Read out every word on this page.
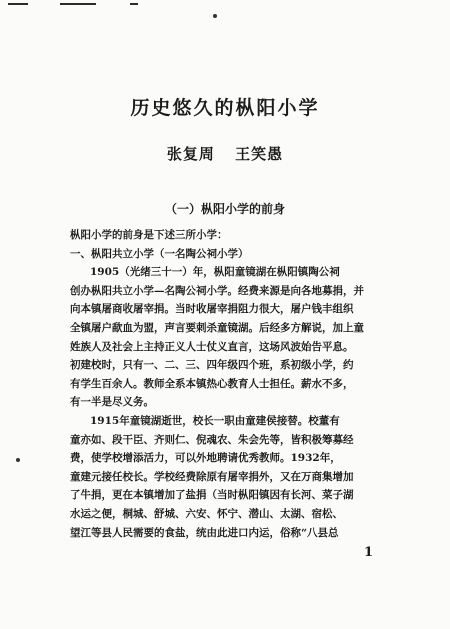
历史悠久的枞阳小学
张复周 王笑愚
（一）枞阳小学的前身
枞阳小学的前身是下述三所小学：
一、枞阳共立小学（一名陶公祠小学）
1905（光绪三十一）年，枞阳童镜湖在枞阳镇陶公祠
创办枞阳共立小学—名陶公祠小学。经费来源是向各地募捐，并
向本镇屠商收屠宰捐。当时收屠宰捐阻力很大，屠户钱丰组织
全镇屠户歃血为盟，声言要刺杀童镜湖。后经多方解说，加上童
姓族人及社会上主持正义人士仗义直言，这场风波始告平息。
初建校时，只有一、二、三、四年级四个班，系初级小学，约
有学生百余人。教师全系本镇热心教育人士担任。薪水不多，
有一半是尽义务。
1915年童镜湖逝世，校长一职由童建侯接替。校董有
童亦如、段干臣、齐则仁、倪魂农、朱会先等，皆积极筹募经
费，使学校增添活力，可以外地聘请优秀教师。1932年，
童建元接任校长。学校经费除原有屠宰捐外，又在万商集增加
了牛捐，更在本镇增加了盐捐（当时枞阳镇因有长河、菜子湖
水运之便，桐城、舒城、六安、怀宁、潜山、太湖、宿松、
望江等县人民需要的食盐，统由此进口内运，俗称“八县总
1
